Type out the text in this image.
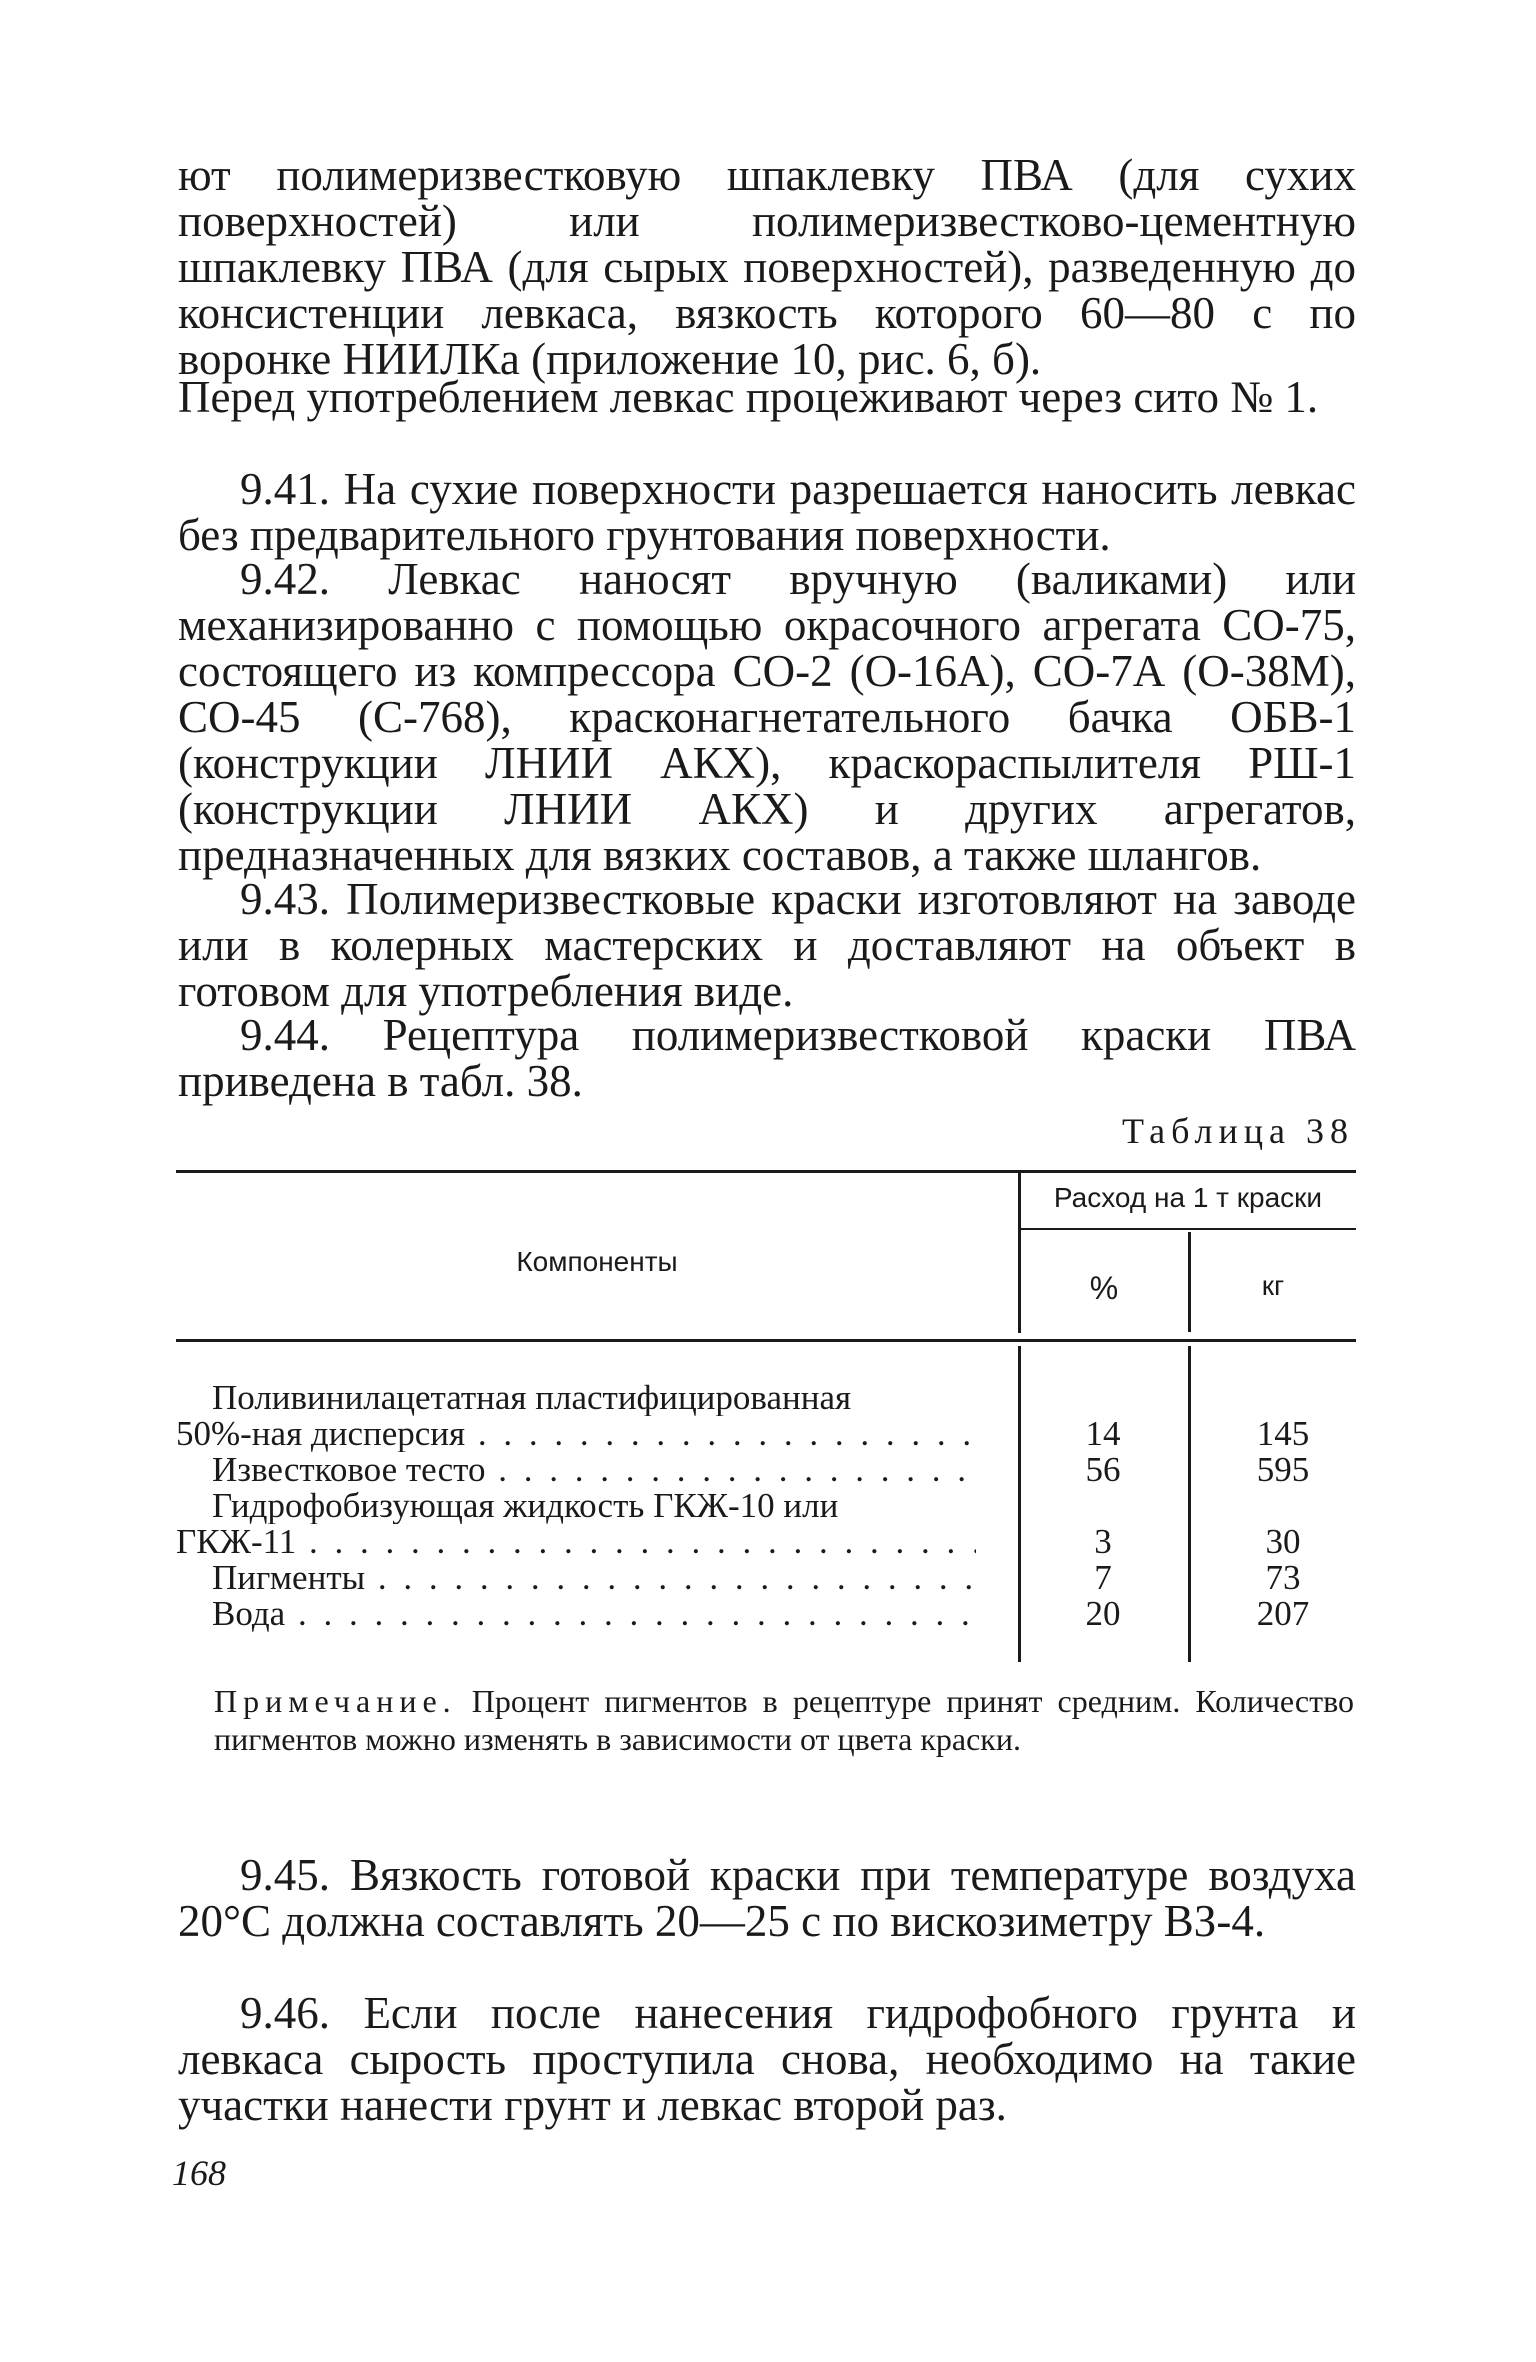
ют полимеризвестковую шпаклевку ПВА (для сухих поверхностей) или полимеризвестково-цементную шпаклевку ПВА (для сырых поверхностей), разведенную до консистенции левкаса, вязкость которого 60—80 с по воронке НИИЛКа (приложение 10, рис. 6, б).

Перед употреблением левкас процеживают через сито № 1.

9.41. На сухие поверхности разрешается наносить левкас без предварительного грунтования поверхности.

9.42. Левкас наносят вручную (валиками) или механизированно с помощью окрасочного агрегата СО-75, состоящего из компрессора СО-2 (О-16А), СО-7А (О-38М), СО-45 (С-768), красконагнетательного бачка ОБВ-1 (конструкции ЛНИИ АКХ), краскораспылителя РШ-1 (конструкции ЛНИИ АКХ) и других агрегатов, предназначенных для вязких составов, а также шлангов.

9.43. Полимеризвестковые краски изготовляют на заводе или в колерных мастерских и доставляют на объект в готовом для употребления виде.

9.44. Рецептура полимеризвестковой краски ПВА приведена в табл. 38.

Таблица 38

Компоненты
Расход на 1 т краски
%	кг
Поливинилацетатная пластифицированная
50%-ная дисперсия . . .	14	145
Известковое тесто . . .	56	595
Гидрофобизующая жидкость ГКЖ-10 или
ГКЖ-11 . . .	3	30
Пигменты . . .	7	73
Вода . . .	20	207

Примечание. Процент пигментов в рецептуре принят средним. Количество пигментов можно изменять в зависимости от цвета краски.

9.45. Вязкость готовой краски при температуре воздуха 20°С должна составлять 20—25 с по вискозиметру ВЗ-4.

9.46. Если после нанесения гидрофобного грунта и левкаса сырость проступила снова, необходимо на такие участки нанести грунт и левкас второй раз.

168
